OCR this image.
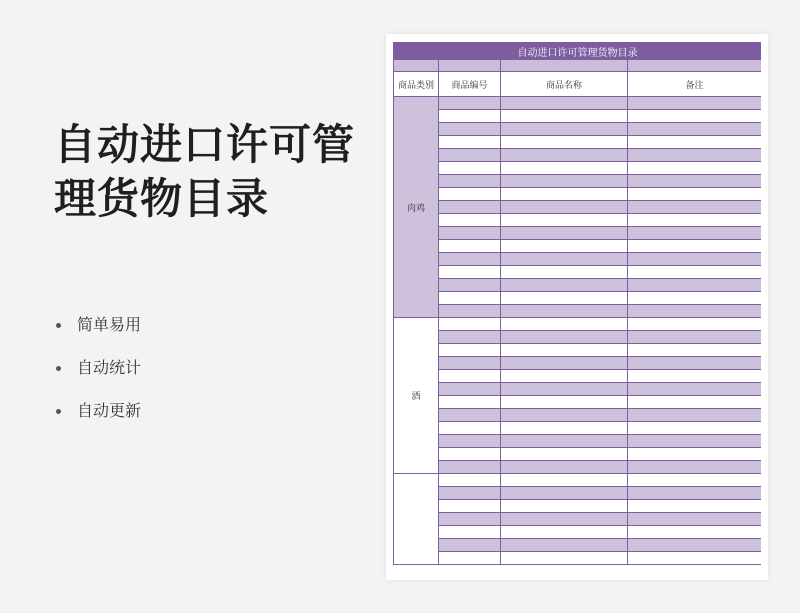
自动进口许可管
理货物目录
简单易用
自动统计
自动更新
自动进口许可管理货物目录			

商品类别	商品编号	商品名称	备注
肉鸡			

酒			
